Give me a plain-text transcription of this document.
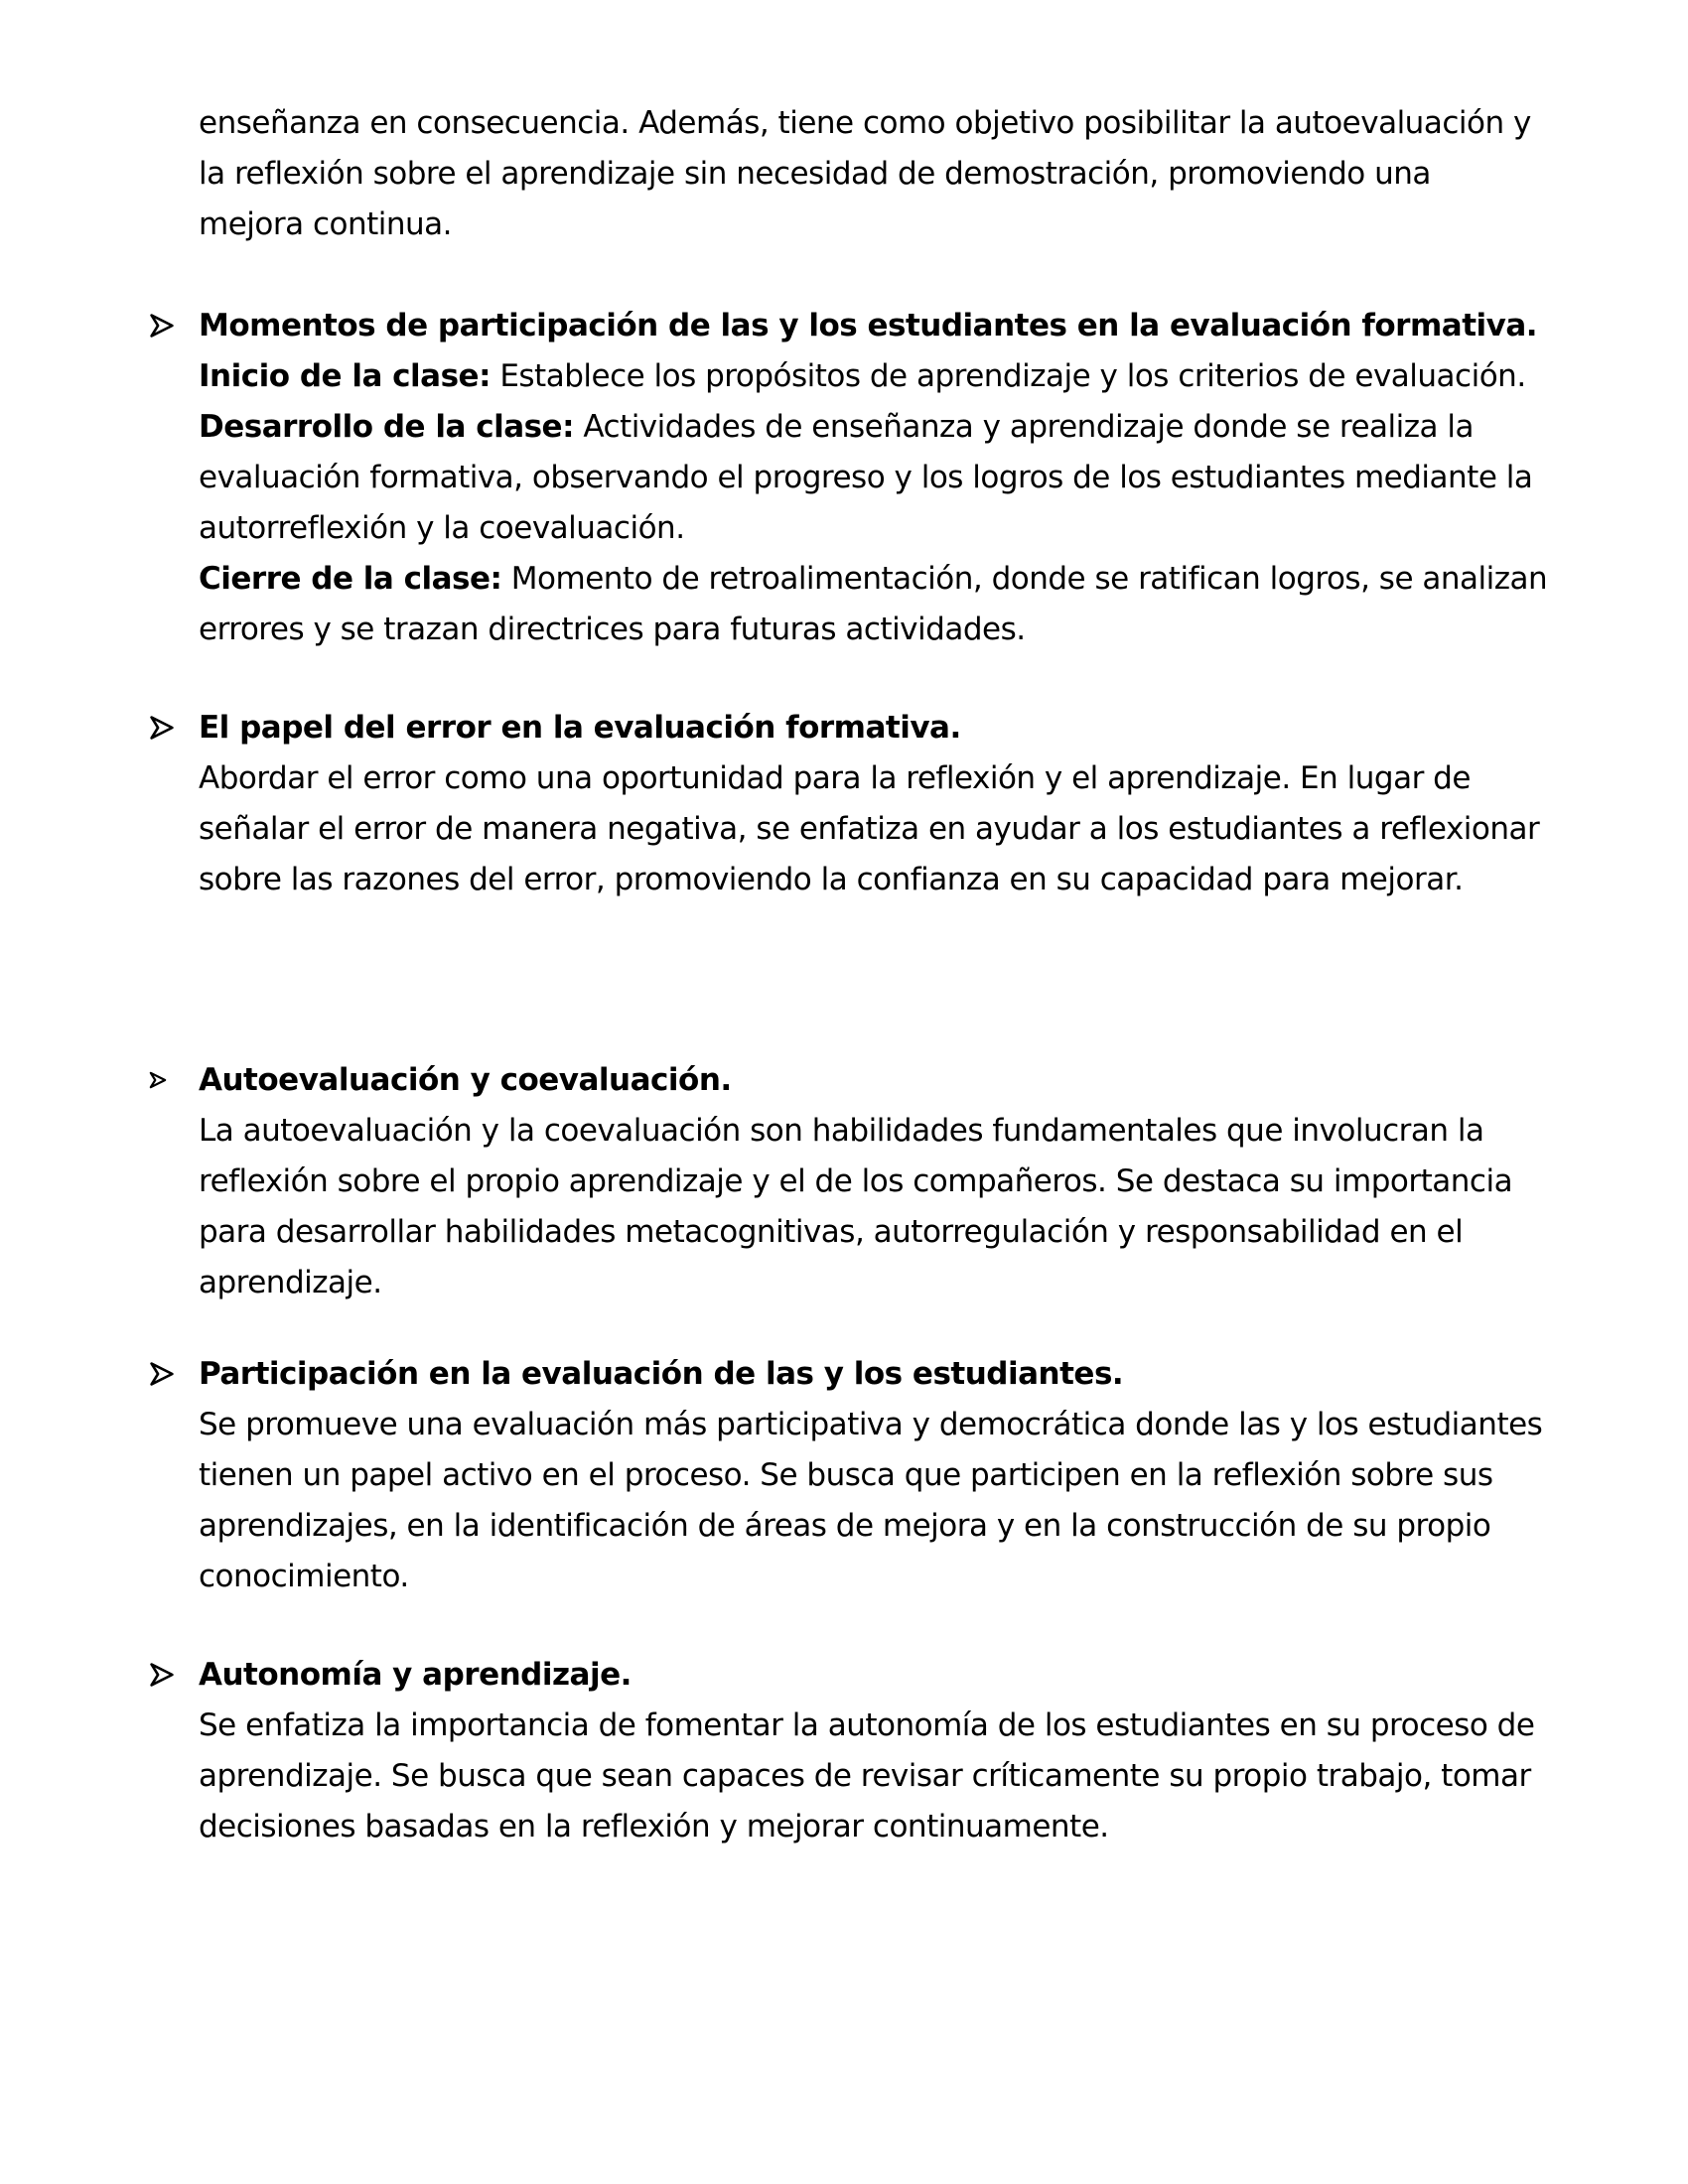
enseñanza en consecuencia. Además, tiene como objetivo posibilitar la autoevaluación y
la reflexión sobre el aprendizaje sin necesidad de demostración, promoviendo una
mejora continua.
Momentos de participación de las y los estudiantes en la evaluación formativa.
Inicio de la clase: Establece los propósitos de aprendizaje y los criterios de evaluación.
Desarrollo de la clase: Actividades de enseñanza y aprendizaje donde se realiza la
evaluación formativa, observando el progreso y los logros de los estudiantes mediante la
autorreflexión y la coevaluación.
Cierre de la clase: Momento de retroalimentación, donde se ratifican logros, se analizan
errores y se trazan directrices para futuras actividades.
El papel del error en la evaluación formativa.
Abordar el error como una oportunidad para la reflexión y el aprendizaje. En lugar de
señalar el error de manera negativa, se enfatiza en ayudar a los estudiantes a reflexionar
sobre las razones del error, promoviendo la confianza en su capacidad para mejorar.
Autoevaluación y coevaluación.
La autoevaluación y la coevaluación son habilidades fundamentales que involucran la
reflexión sobre el propio aprendizaje y el de los compañeros. Se destaca su importancia
para desarrollar habilidades metacognitivas, autorregulación y responsabilidad en el
aprendizaje.
Participación en la evaluación de las y los estudiantes.
Se promueve una evaluación más participativa y democrática donde las y los estudiantes
tienen un papel activo en el proceso. Se busca que participen en la reflexión sobre sus
aprendizajes, en la identificación de áreas de mejora y en la construcción de su propio
conocimiento.
Autonomía y aprendizaje.
Se enfatiza la importancia de fomentar la autonomía de los estudiantes en su proceso de
aprendizaje. Se busca que sean capaces de revisar críticamente su propio trabajo, tomar
decisiones basadas en la reflexión y mejorar continuamente.
